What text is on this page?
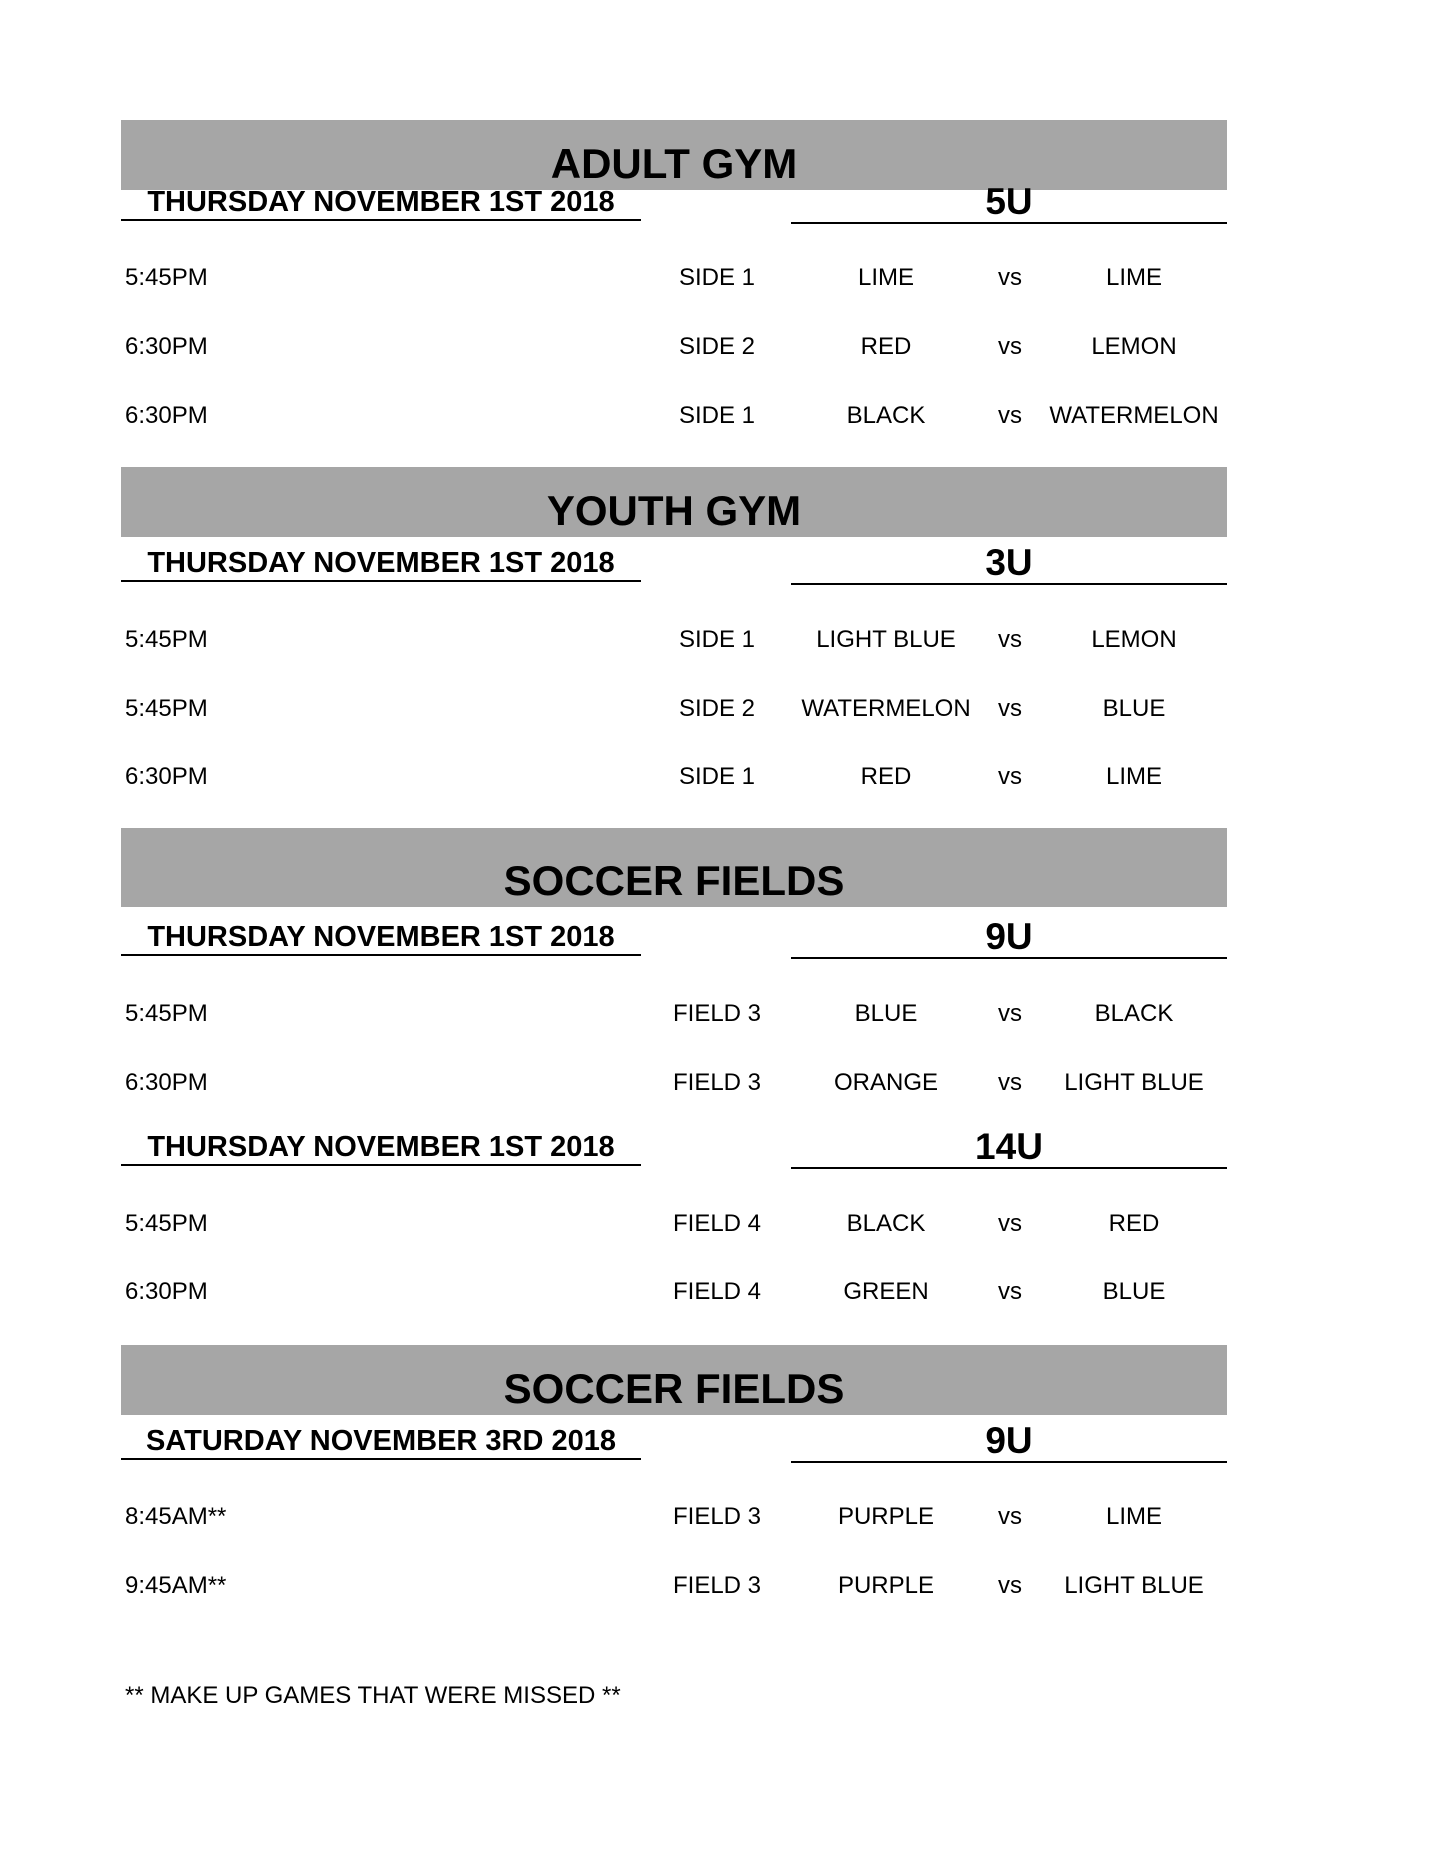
ADULT GYM
THURSDAY NOVEMBER 1ST 2018	5U
5:45PM	SIDE 1	LIME	vs	LIME
6:30PM	SIDE 2	RED	vs	LEMON
6:30PM	SIDE 1	BLACK	vs	WATERMELON
YOUTH GYM
THURSDAY NOVEMBER 1ST 2018	3U
5:45PM	SIDE 1	LIGHT BLUE	vs	LEMON
5:45PM	SIDE 2	WATERMELON	vs	BLUE
6:30PM	SIDE 1	RED	vs	LIME
SOCCER FIELDS
THURSDAY NOVEMBER 1ST 2018	9U
5:45PM	FIELD 3	BLUE	vs	BLACK
6:30PM	FIELD 3	ORANGE	vs	LIGHT BLUE
THURSDAY NOVEMBER 1ST 2018	14U
5:45PM	FIELD 4	BLACK	vs	RED
6:30PM	FIELD 4	GREEN	vs	BLUE
SOCCER FIELDS
SATURDAY NOVEMBER 3RD 2018	9U
8:45AM**	FIELD 3	PURPLE	vs	LIME
9:45AM**	FIELD 3	PURPLE	vs	LIGHT BLUE
** MAKE UP GAMES THAT WERE MISSED **
